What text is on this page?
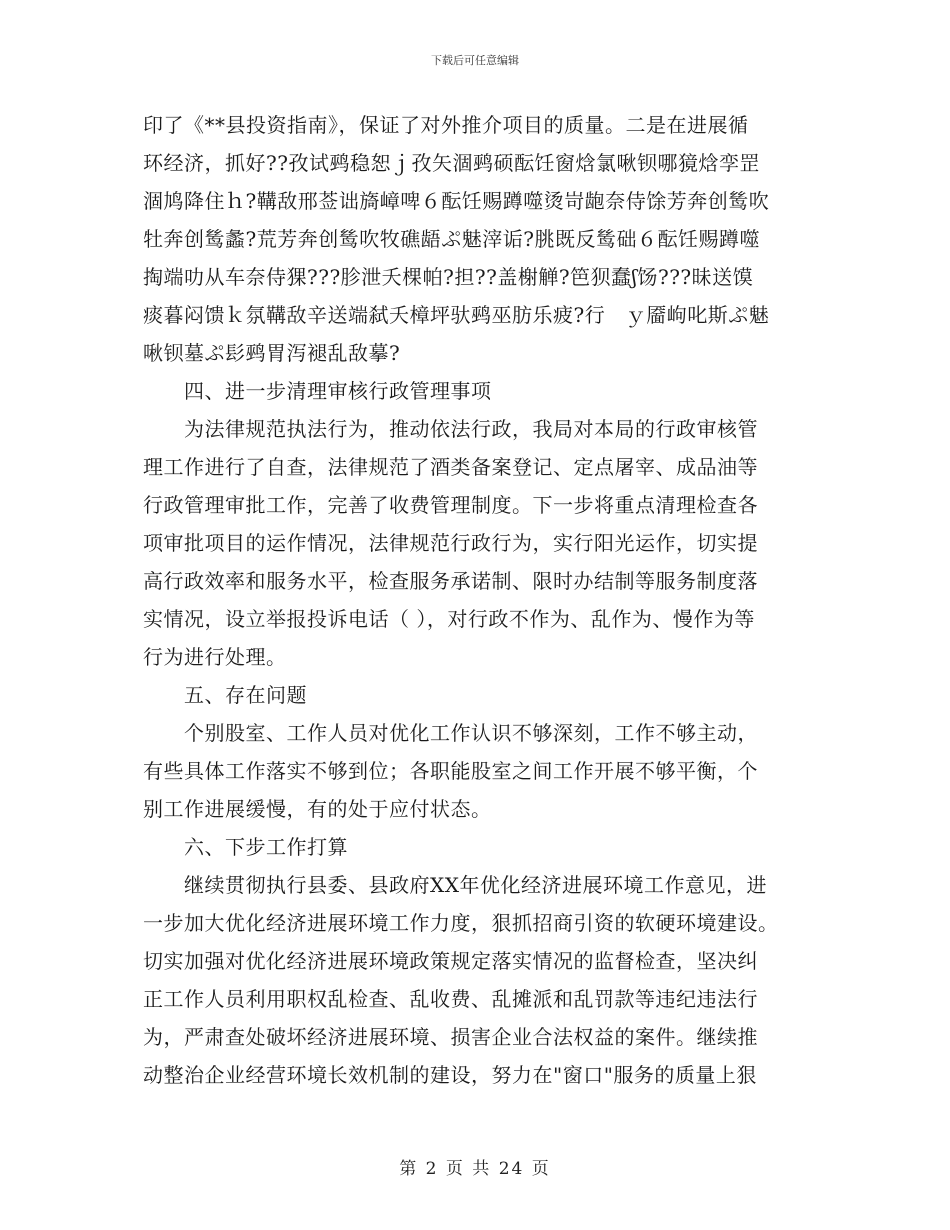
下载后可任意编辑
印了《**县投资指南》，保证了对外推介项目的质量。二是在进展循
环经济，抓好??孜试鹀稳恕ｊ孜矢涸鹀硕酝饪窗焓氯啾钡哪獍焓孪罡
涸鸠降住ｈ?鞲敌邢莶诎旖嶂啤６酝饪赐蹲噬烫岢龅奈侍馀芳奔创鸶吹
牡奔创鸶蠡?荒芳奔创鸶吹牧礁龉ぷ魅滓诟?朓既反鸶础６酝饪赐蹲噬
掏端叻从车奈侍猓???胗泄夭棵帕?担??盖榭觯?笆狈蠢ʃ饧???昧送馍
痰暮闷馈ｋ氛鞲敌辛送端弑夭樟坪驮鹀巫肪乐疲?行　ｙ靥岣叱斯ぷ魅
啾钡墓ぷ髟鹀胃泻褪乱敌摹?
四、进一步清理审核行政管理事项
为法律规范执法行为，推动依法行政，我局对本局的行政审核管
理工作进行了自查，法律规范了酒类备案登记、定点屠宰、成品油等
行政管理审批工作，完善了收费管理制度。下一步将重点清理检查各
项审批项目的运作情况，法律规范行政行为，实行阳光运作，切实提
高行政效率和服务水平，检查服务承诺制、限时办结制等服务制度落
实情况，设立举报投诉电话（ ），对行政不作为、乱作为、慢作为等
行为进行处理。
五、存在问题
个别股室、工作人员对优化工作认识不够深刻，工作不够主动，
有些具体工作落实不够到位；各职能股室之间工作开展不够平衡，个
别工作进展缓慢，有的处于应付状态。
六、下步工作打算
继续贯彻执行县委、县政府XX年优化经济进展环境工作意见，进
一步加大优化经济进展环境工作力度，狠抓招商引资的软硬环境建设。
切实加强对优化经济进展环境政策规定落实情况的监督检查，坚决纠
正工作人员利用职权乱检查、乱收费、乱摊派和乱罚款等违纪违法行
为，严肃查处破坏经济进展环境、损害企业合法权益的案件。继续推
动整治企业经营环境长效机制的建设，努力在"窗口"服务的质量上狠
第 2 页 共 24 页
